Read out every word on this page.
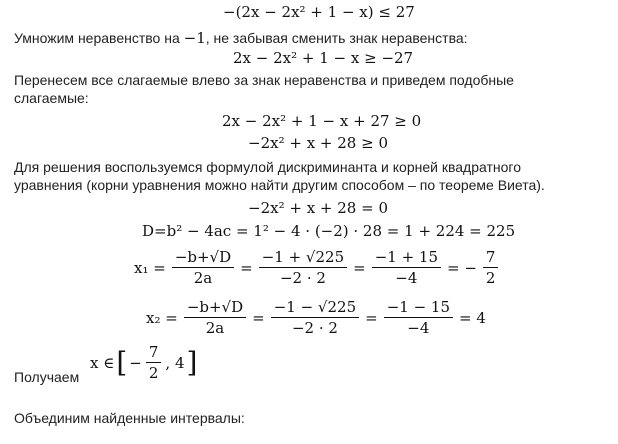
−(2x − 2x² + 1 − x) ≤ 27
Умножим неравенство на −1, не забывая сменить знак неравенства:
2x − 2x² + 1 − x ≥ −27
Перенесем все слагаемые влево за знак неравенства и приведем подобные
слагаемые:
2x − 2x² + 1 − x + 27 ≥ 0
−2x² + x + 28 ≥ 0
Для решения воспользуемся формулой дискриминанта и корней квадратного
уравнения (корни уравнения можно найти другим способом – по теореме Виета).
−2x² + x + 28 = 0
D=b² − 4ac = 1² − 4 · (−2) · 28 = 1 + 224 = 225
$x_1 = \frac{-b+√D}{2a} = \frac{-1 + √225}{-2 \cdot 2} = \frac{-1 + 15}{-4}$ = − $\frac{7}{2}$
$x_2 = \frac{-b+√D}{2a} = \frac{-1 - √225}{-2 \cdot 2} = \frac{-1 - 15}{-4} = 4$
Получаем
x ∈ [ − $\frac{7}{2}$ , 4 ]
Объединим найденные интервалы:
